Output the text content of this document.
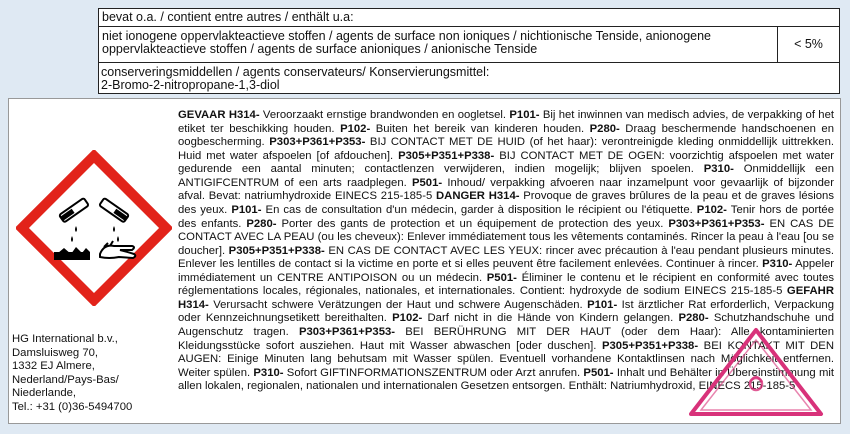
bevat o.a. / contient entre autres / enthält u.a:
niet ionogene oppervlakteactieve stoffen / agents de surface non ioniques / nichtionische Tenside, anionogene oppervlakteactieve stoffen / agents de surface anioniques / anionische Tenside	< 5%
conserveringsmiddellen / agents conservateurs/ Konservierungsmittel:
2-Bromo-2-nitropropane-1,3-diol
HG International b.v.,
Damsluisweg 70,
1332 EJ Almere,
Nederland/Pays-Bas/
Niederlande,
Tel.: +31 (0)36-5494700
GEVAAR H314- Veroorzaakt ernstige brandwonden en oogletsel. P101- Bij het inwinnen van medisch advies, de verpakking of het etiket ter beschikking houden. P102- Buiten het bereik van kinderen houden. P280- Draag beschermende handschoenen en oogbescherming. P303+P361+P353- BIJ CONTACT MET DE HUID (of het haar): verontreinigde kleding onmiddellijk uittrekken. Huid met water afspoelen [of afdouchen]. P305+P351+P338- BIJ CONTACT MET DE OGEN: voorzichtig afspoelen met water gedurende een aantal minuten; contactlenzen verwijderen, indien mogelijk; blijven spoelen. P310- Onmiddellijk een ANTIGIFCENTRUM of een arts raadplegen. P501- Inhoud/ verpakking afvoeren naar inzamelpunt voor gevaarlijk of bijzonder afval. Bevat: natriumhydroxide EINECS 215-185-5 DANGER H314- Provoque de graves brûlures de la peau et de graves lésions des yeux. P101- En cas de consultation d'un médecin, garder à disposition le récipient ou l'étiquette. P102- Tenir hors de portée des enfants. P280- Porter des gants de protection et un équipement de protection des yeux. P303+P361+P353- EN CAS DE CONTACT AVEC LA PEAU (ou les cheveux): Enlever immédiatement tous les vêtements contaminés. Rincer la peau à l'eau [ou se doucher]. P305+P351+P338- EN CAS DE CONTACT AVEC LES YEUX: rincer avec précaution à l'eau pendant plusieurs minutes. Enlever les lentilles de contact si la victime en porte et si elles peuvent être facilement enlevées. Continuer à rincer. P310- Appeler immédiatement un CENTRE ANTIPOISON ou un médecin. P501- Éliminer le contenu et le récipient en conformité avec toutes réglementations locales, régionales, nationales, et internationales. Contient: hydroxyde de sodium EINECS 215-185-5 GEFAHR H314- Verursacht schwere Verätzungen der Haut und schwere Augenschäden. P101- Ist ärztlicher Rat erforderlich, Verpackung oder Kennzeichnungsetikett bereithalten. P102- Darf nicht in die Hände von Kindern gelangen. P280- Schutzhandschuhe und Augenschutz tragen. P303+P361+P353- BEI BERÜHRUNG MIT DER HAUT (oder dem Haar): Alle kontaminierten Kleidungsstücke sofort ausziehen. Haut mit Wasser abwaschen [oder duschen]. P305+P351+P338- BEI KONTAKT MIT DEN AUGEN: Einige Minuten lang behutsam mit Wasser spülen. Eventuell vorhandene Kontaktlinsen nach Möglichkeit entfernen. Weiter spülen. P310- Sofort GIFTINFORMATIONSZENTRUM oder Arzt anrufen. P501- Inhalt und Behälter in Übereinstimmung mit allen lokalen, regionalen, nationalen und internationalen Gesetzen entsorgen. Enthält: Natriumhydroxid, EINECS 215-185-5
